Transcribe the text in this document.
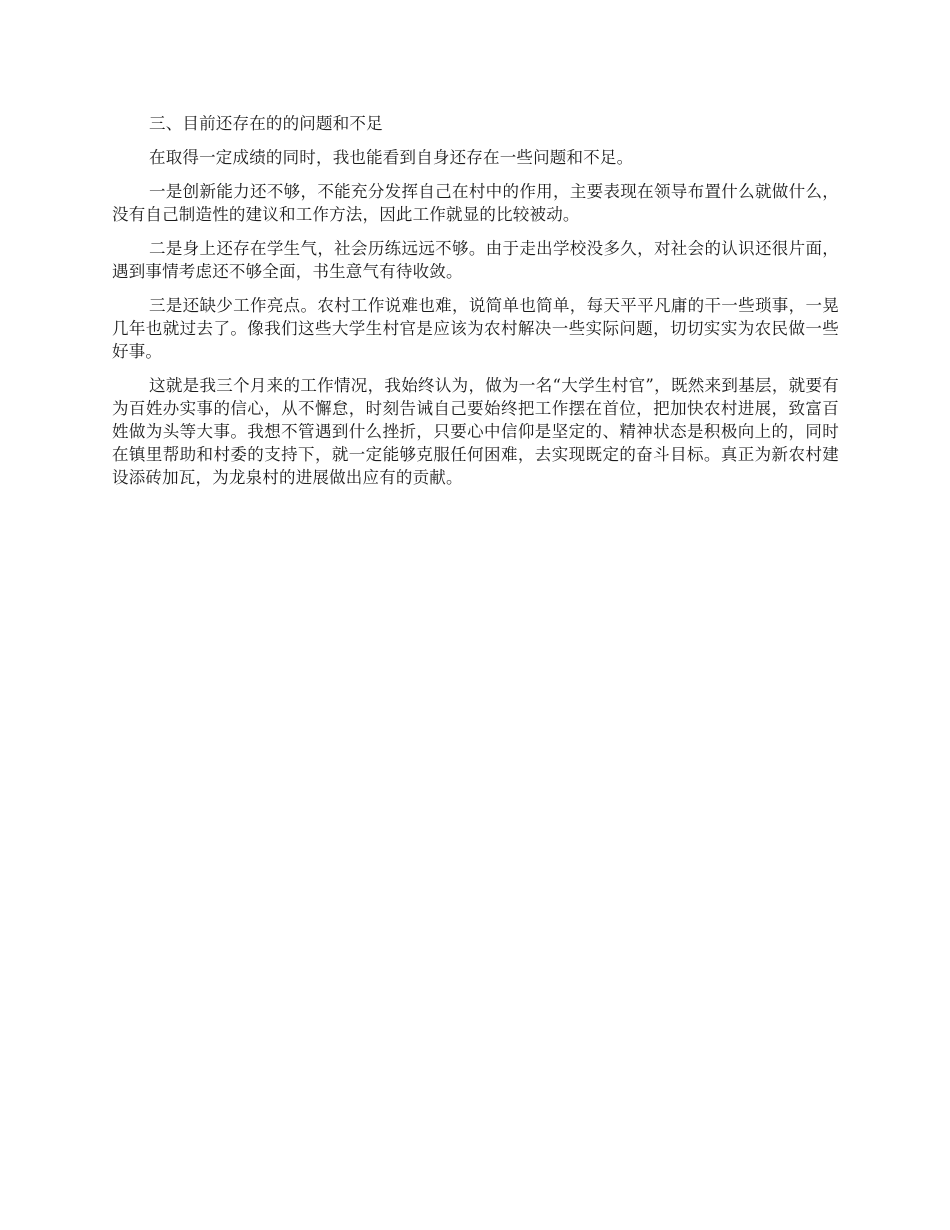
三、目前还存在的的问题和不足

在取得一定成绩的同时，我也能看到自身还存在一些问题和不足。

一是创新能力还不够，不能充分发挥自己在村中的作用，主要表现在领导布置什么就做什么，没有自己制造性的建议和工作方法，因此工作就显的比较被动。

二是身上还存在学生气，社会历练远远不够。由于走出学校没多久，对社会的认识还很片面，遇到事情考虑还不够全面，书生意气有待收敛。

三是还缺少工作亮点。农村工作说难也难，说简单也简单，每天平平凡庸的干一些琐事，一晃几年也就过去了。像我们这些大学生村官是应该为农村解决一些实际问题，切切实实为农民做一些好事。

这就是我三个月来的工作情况，我始终认为，做为一名“大学生村官”，既然来到基层，就要有为百姓办实事的信心，从不懈怠，时刻告诫自己要始终把工作摆在首位，把加快农村进展，致富百姓做为头等大事。我想不管遇到什么挫折，只要心中信仰是坚定的、精神状态是积极向上的，同时在镇里帮助和村委的支持下，就一定能够克服任何困难，去实现既定的奋斗目标。真正为新农村建设添砖加瓦，为龙泉村的进展做出应有的贡献。
